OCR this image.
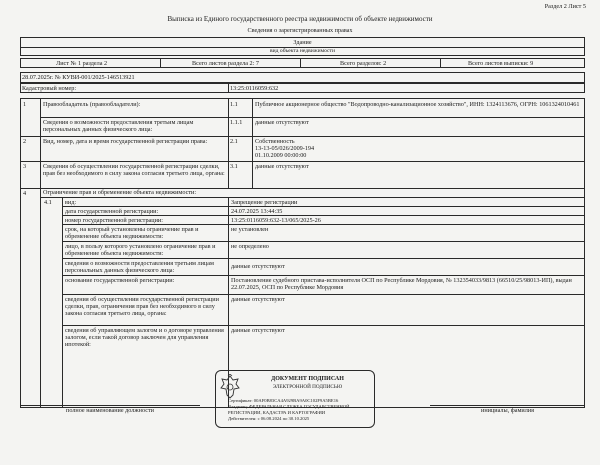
Раздел 2 Лист 5
Выписка из Единого государственного реестра недвижимости об объекте недвижимости
Сведения о зарегистрированных правах
Здание
вид объекта недвижимости
Лист № 1 раздела 2	Всего листов раздела 2: 7	Всего разделов: 2	Всего листов выписки: 9
28.07.2025г. № КУВИ-001/2025-146513921
Кадастровый номер:	13:25:0116059:632
1	Правообладатель (правообладатели):	1.1	Публичное акционерное общество "Водопроводно-канализационное хозяйство", ИНН: 1324113676, ОГРН: 1061324010461
Сведения о возможности предоставления третьим лицам персональных данных физического лица:
1.1.1 данные отсутствуют
2	Вид, номер, дата и время государственной регистрации права:	2.1	Собственность
13-13-05/026/2009-194
01.10.2009 00:00:00
3	Сведения об осуществлении государственной регистрации сделки, прав без необходимого в силу закона согласия третьего лица, органа:
3.1	данные отсутствуют
4	Ограничение прав и обременение объекта недвижимости:
4.1 вид:	Запрещение регистрации
дата государственной регистрации:	24.07.2025 13:44:35
номер государственной регистрации:	13:25:0116059:632-13/065/2025-26
срок, на который установлены ограничение прав и обременение объекта недвижимости:
не установлен
лицо, в пользу которого установлено ограничение прав и обременение объекта недвижимости:
не определено
сведения о возможности предоставления третьим лицам персональных данных физического лица:
данные отсутствуют
основание государственной регистрации:	Постановление судебного пристава-исполнителя ОСП по Республике Мордовия, № 132354033/9813 (66510/25/98013-ИП), выдан 22.07.2025, ОСП по Республике Мордовия
сведения об осуществлении государственной регистрации сделки, прав, ограничения прав без необходимого в силу закона согласия третьего лица, органа:
данные отсутствуют
сведения об управляющем залогом и о договоре управления залогом, если такой договор заключен для управления ипотекой:
данные отсутствуют
полное наименование должности	инициалы, фамилия
ДОКУМЕНТ ПОДПИСАН
ЭЛЕКТРОННОЙ ПОДПИСЬЮ
Сертификат: 00AF0B83CA4A929BA9A0C102F9A5BE16
Владелец: ФЕДЕРАЛЬНАЯ СЛУЖБА ГОСУДАРСТВЕННОЙ
РЕГИСТРАЦИИ, КАДАСТРА И КАРТОГРАФИИ
Действителен: с 06.08.2024 по 30.10.2025
